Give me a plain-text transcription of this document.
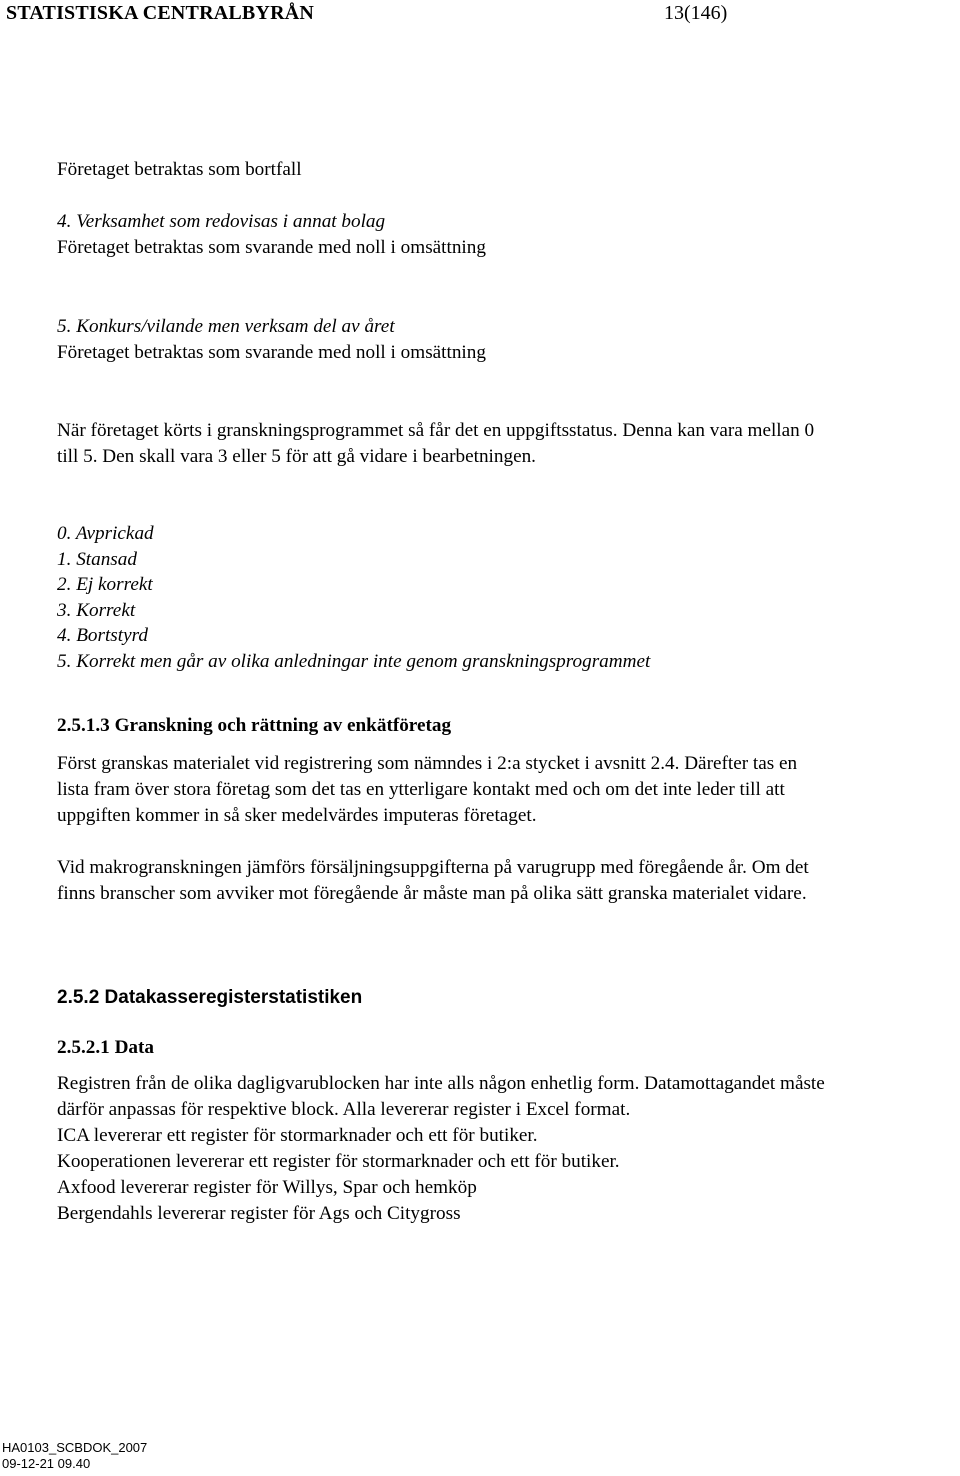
STATISTISKA CENTRALBYRÅN	13(146)
Företaget betraktas som bortfall
4. Verksamhet som redovisas i annat bolag
Företaget betraktas som svarande med noll i omsättning
5. Konkurs/vilande men verksam del av året
Företaget betraktas som svarande med noll i omsättning
När företaget körts i granskningsprogrammet så får det en uppgiftsstatus. Denna kan vara mellan 0
till 5. Den skall vara 3 eller 5 för att gå vidare i bearbetningen.
0. Avprickad
1. Stansad
2. Ej korrekt
3. Korrekt
4. Bortstyrd
5. Korrekt men går av olika anledningar inte genom granskningsprogrammet
2.5.1.3 Granskning och rättning av enkätföretag
Först granskas materialet vid registrering som nämndes i 2:a stycket i avsnitt 2.4. Därefter tas en
lista fram över stora företag som det tas en ytterligare kontakt med och om det inte leder till att
uppgiften kommer in så sker medelvärdes imputeras företaget.
Vid makrogranskningen jämförs försäljningsuppgifterna på varugrupp med föregående år. Om det
finns branscher som avviker mot föregående år måste man på olika sätt granska materialet vidare.
2.5.2 Datakasseregisterstatistiken
2.5.2.1 Data
Registren från de olika dagligvarublocken har inte alls någon enhetlig form. Datamottagandet måste
därför anpassas för respektive block. Alla levererar register i Excel format.
ICA levererar ett register för stormarknader och ett för butiker.
Kooperationen levererar ett register för stormarknader och ett för butiker.
Axfood levererar register för Willys, Spar och hemköp
Bergendahls levererar register för Ags och Citygross
HA0103_SCBDOK_2007
09-12-21 09.40
